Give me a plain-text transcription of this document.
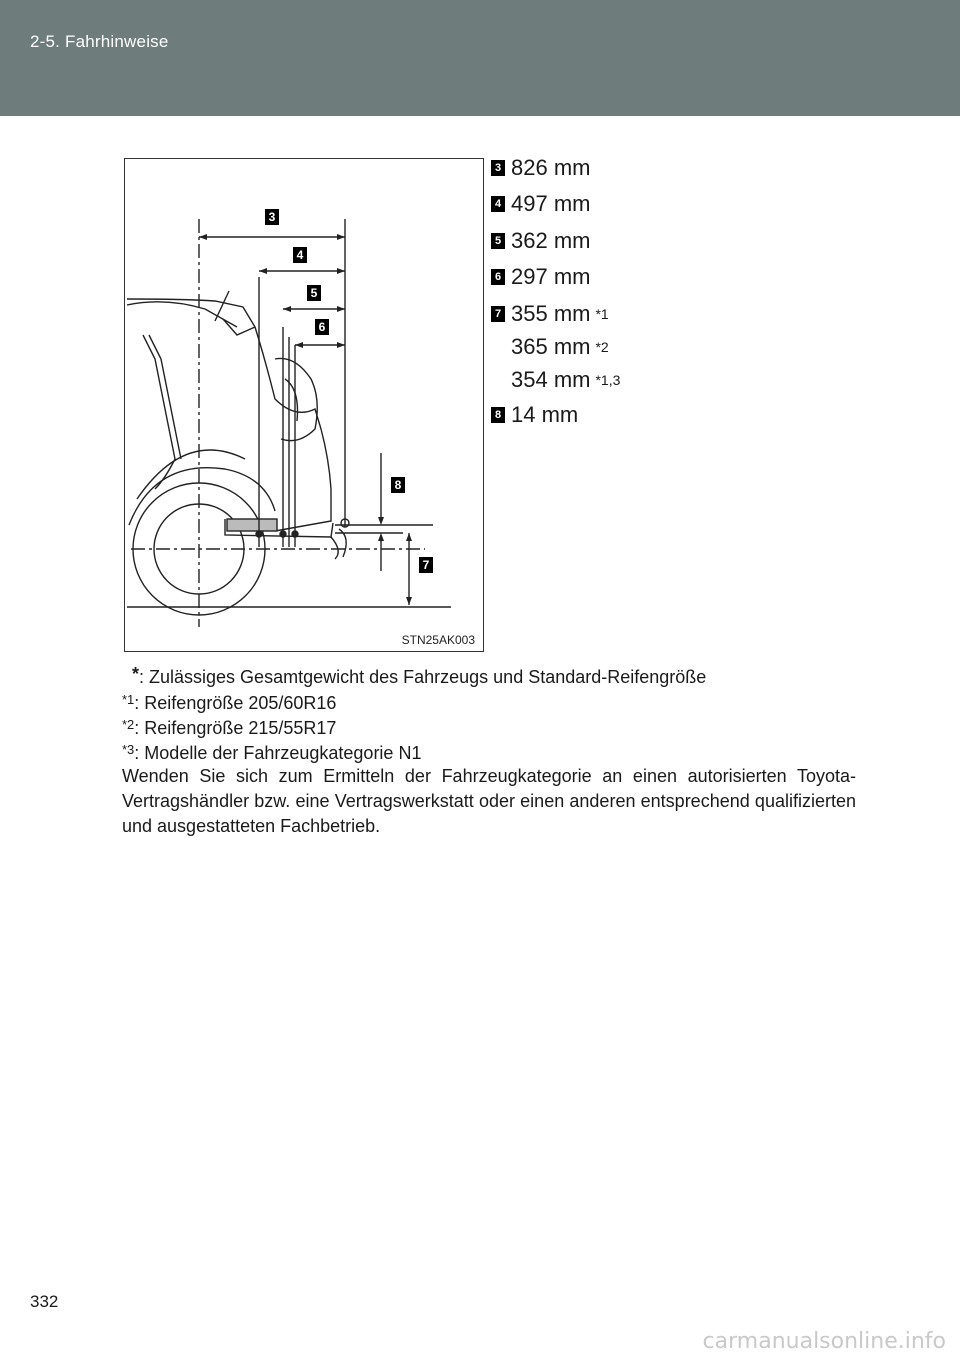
2-5. Fahrhinweise
3
4
5
6
7
8
STN25AK003
3 826 mm
4 497 mm
5 362 mm
6 297 mm
7 355 mm *1
365 mm *2
354 mm *1,3
8 14 mm
*: Zulässiges Gesamtgewicht des Fahrzeugs und Standard-Reifengröße
$^{*1}$: Reifengröße 205/60R16
$^{*2}$: Reifengröße 215/55R17
$^{*3}$: Modelle der Fahrzeugkategorie N1
Wenden Sie sich zum Ermitteln der Fahrzeugkategorie an einen autorisierten Toyota-Vertragshändler bzw. eine Vertragswerkstatt oder einen anderen entsprechend qualifizierten und ausgestatteten Fachbetrieb.
332
carmanualsonline.info
